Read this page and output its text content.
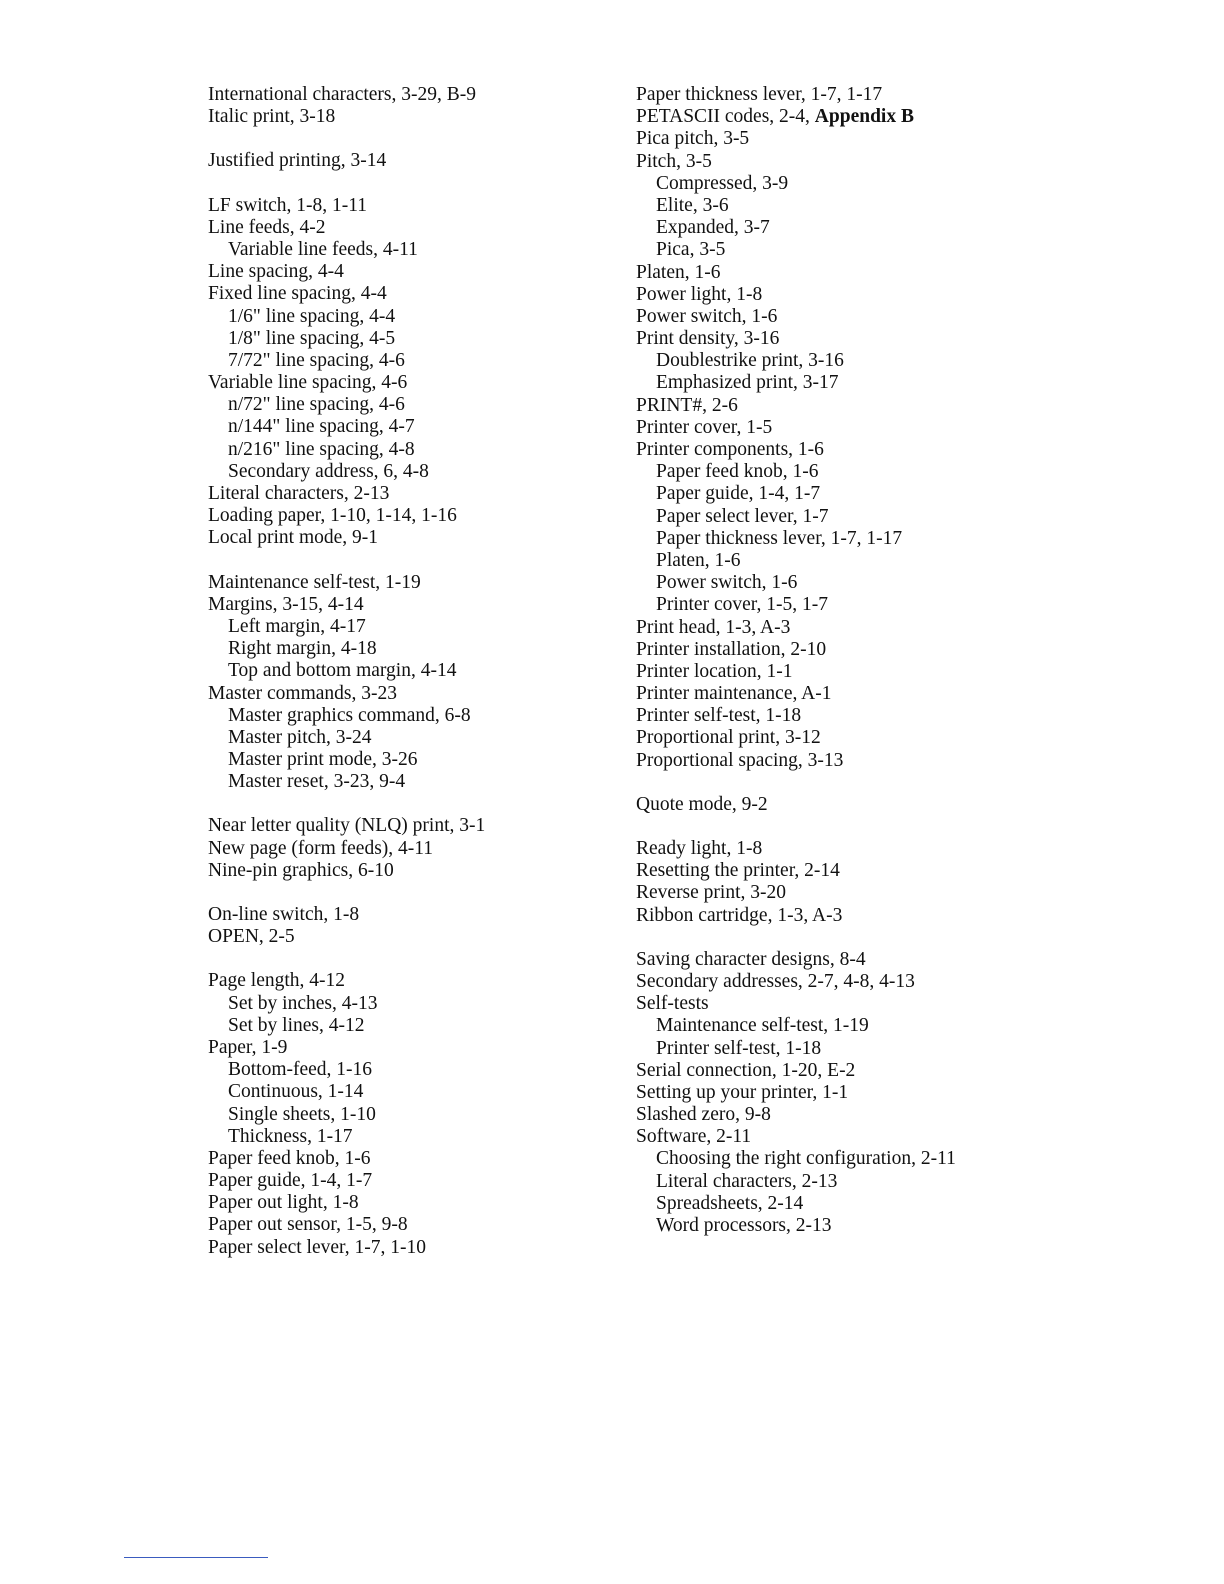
International characters, 3-29, B-9
Italic print, 3-18
Justified printing, 3-14
LF switch, 1-8, 1-11
Line feeds, 4-2
Variable line feeds, 4-11
Line spacing, 4-4
Fixed line spacing, 4-4
1/6" line spacing, 4-4
1/8" line spacing, 4-5
7/72" line spacing, 4-6
Variable line spacing, 4-6
n/72" line spacing, 4-6
n/144" line spacing, 4-7
n/216" line spacing, 4-8
Secondary address, 6, 4-8
Literal characters, 2-13
Loading paper, 1-10, 1-14, 1-16
Local print mode, 9-1
Maintenance self-test, 1-19
Margins, 3-15, 4-14
Left margin, 4-17
Right margin, 4-18
Top and bottom margin, 4-14
Master commands, 3-23
Master graphics command, 6-8
Master pitch, 3-24
Master print mode, 3-26
Master reset, 3-23, 9-4
Near letter quality (NLQ) print, 3-1
New page (form feeds), 4-11
Nine-pin graphics, 6-10
On-line switch, 1-8
OPEN, 2-5
Page length, 4-12
Set by inches, 4-13
Set by lines, 4-12
Paper, 1-9
Bottom-feed, 1-16
Continuous, 1-14
Single sheets, 1-10
Thickness, 1-17
Paper feed knob, 1-6
Paper guide, 1-4, 1-7
Paper out light, 1-8
Paper out sensor, 1-5, 9-8
Paper select lever, 1-7, 1-10
Paper thickness lever, 1-7, 1-17
PETASCII codes, 2-4, Appendix B
Pica pitch, 3-5
Pitch, 3-5
Compressed, 3-9
Elite, 3-6
Expanded, 3-7
Pica, 3-5
Platen, 1-6
Power light, 1-8
Power switch, 1-6
Print density, 3-16
Doublestrike print, 3-16
Emphasized print, 3-17
PRINT#, 2-6
Printer cover, 1-5
Printer components, 1-6
Paper feed knob, 1-6
Paper guide, 1-4, 1-7
Paper select lever, 1-7
Paper thickness lever, 1-7, 1-17
Platen, 1-6
Power switch, 1-6
Printer cover, 1-5, 1-7
Print head, 1-3, A-3
Printer installation, 2-10
Printer location, 1-1
Printer maintenance, A-1
Printer self-test, 1-18
Proportional print, 3-12
Proportional spacing, 3-13
Quote mode, 9-2
Ready light, 1-8
Resetting the printer, 2-14
Reverse print, 3-20
Ribbon cartridge, 1-3, A-3
Saving character designs, 8-4
Secondary addresses, 2-7, 4-8, 4-13
Self-tests
Maintenance self-test, 1-19
Printer self-test, 1-18
Serial connection, 1-20, E-2
Setting up your printer, 1-1
Slashed zero, 9-8
Software, 2-11
Choosing the right configuration, 2-11
Literal characters, 2-13
Spreadsheets, 2-14
Word processors, 2-13
